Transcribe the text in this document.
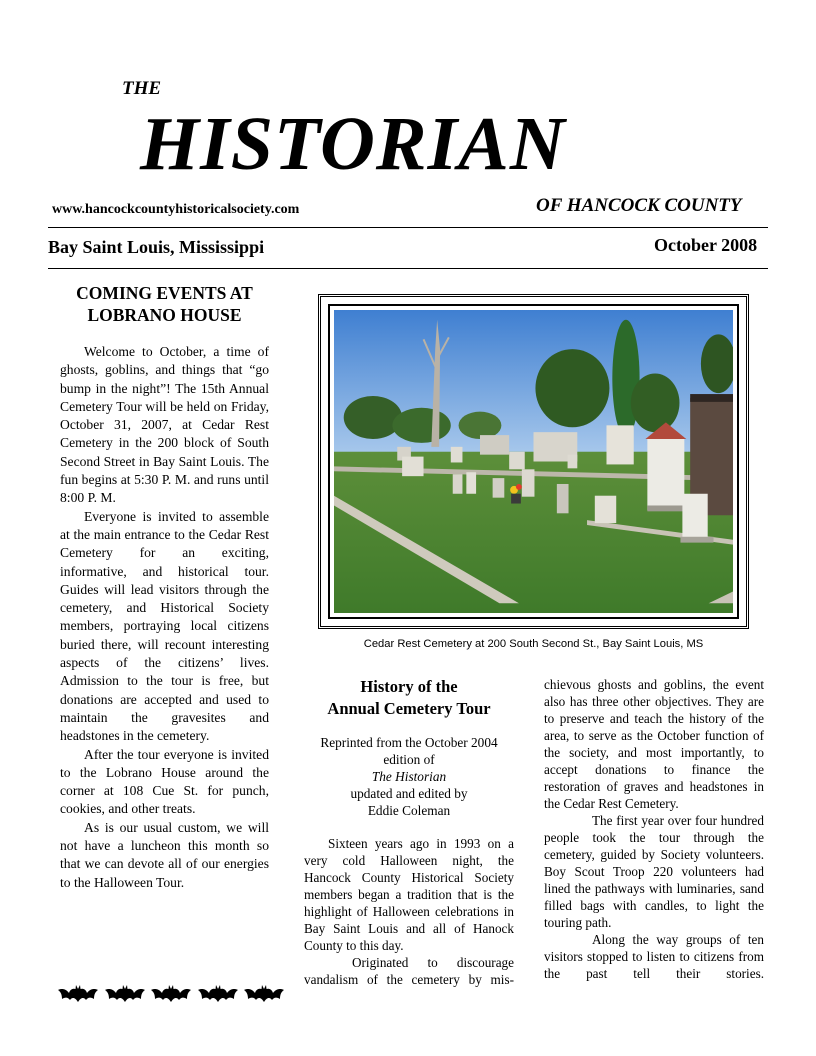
THE
HISTORIAN
www.hancockcountyhistoricalsociety.com	OF HANCOCK COUNTY
Bay Saint Louis, Mississippi	October 2008
COMING EVENTS AT
LOBRANO HOUSE

Welcome to October, a time of ghosts, goblins, and things that “go bump in the night”! The 15th Annual Cemetery Tour will be held on Friday, October 31, 2007, at Cedar Rest Cemetery in the 200 block of South Second Street in Bay Saint Louis. The fun begins at 5:30 P. M. and runs until 8:00 P. M.

Everyone is invited to assemble at the main entrance to the Cedar Rest Cemetery for an exciting, informative, and historical tour. Guides will lead visitors through the cemetery, and Historical Society members, portraying local citizens buried there, will recount interesting aspects of the citizens’ lives. Admission to the tour is free, but donations are accepted and used to maintain the gravesites and headstones in the cemetery.

After the tour everyone is invited to the Lobrano House around the corner at 108 Cue St. for punch, cookies, and other treats.

As is our usual custom, we will not have a luncheon this month so that we can devote all of our energies to the Halloween Tour.

Cedar Rest Cemetery at 200 South Second St., Bay Saint Louis, MS
History of the
Annual Cemetery Tour
Reprinted from the October 2004
edition of
The Historian
updated and edited by
Eddie Coleman

Sixteen years ago in 1993 on a very cold Halloween night, the Hancock County Historical Society members began a tradition that is the highlight of Halloween celebrations in Bay Saint Louis and all of Hanock County to this day.

Originated to discourage vandalism of the cemetery by mis-

chievous ghosts and goblins, the event also has three other objectives. They are to preserve and teach the history of the area, to serve as the October function of the society, and most importantly, to accept donations to finance the restoration of graves and headstones in the Cedar Rest Cemetery.

The first year over four hundred people took the tour through the cemetery, guided by Society volunteers. Boy Scout Troop 220 volunteers had lined the pathways with luminaries, sand filled bags with candles, to light the touring path.

Along the way groups of ten visitors stopped to listen to citizens from the past tell their stories.
